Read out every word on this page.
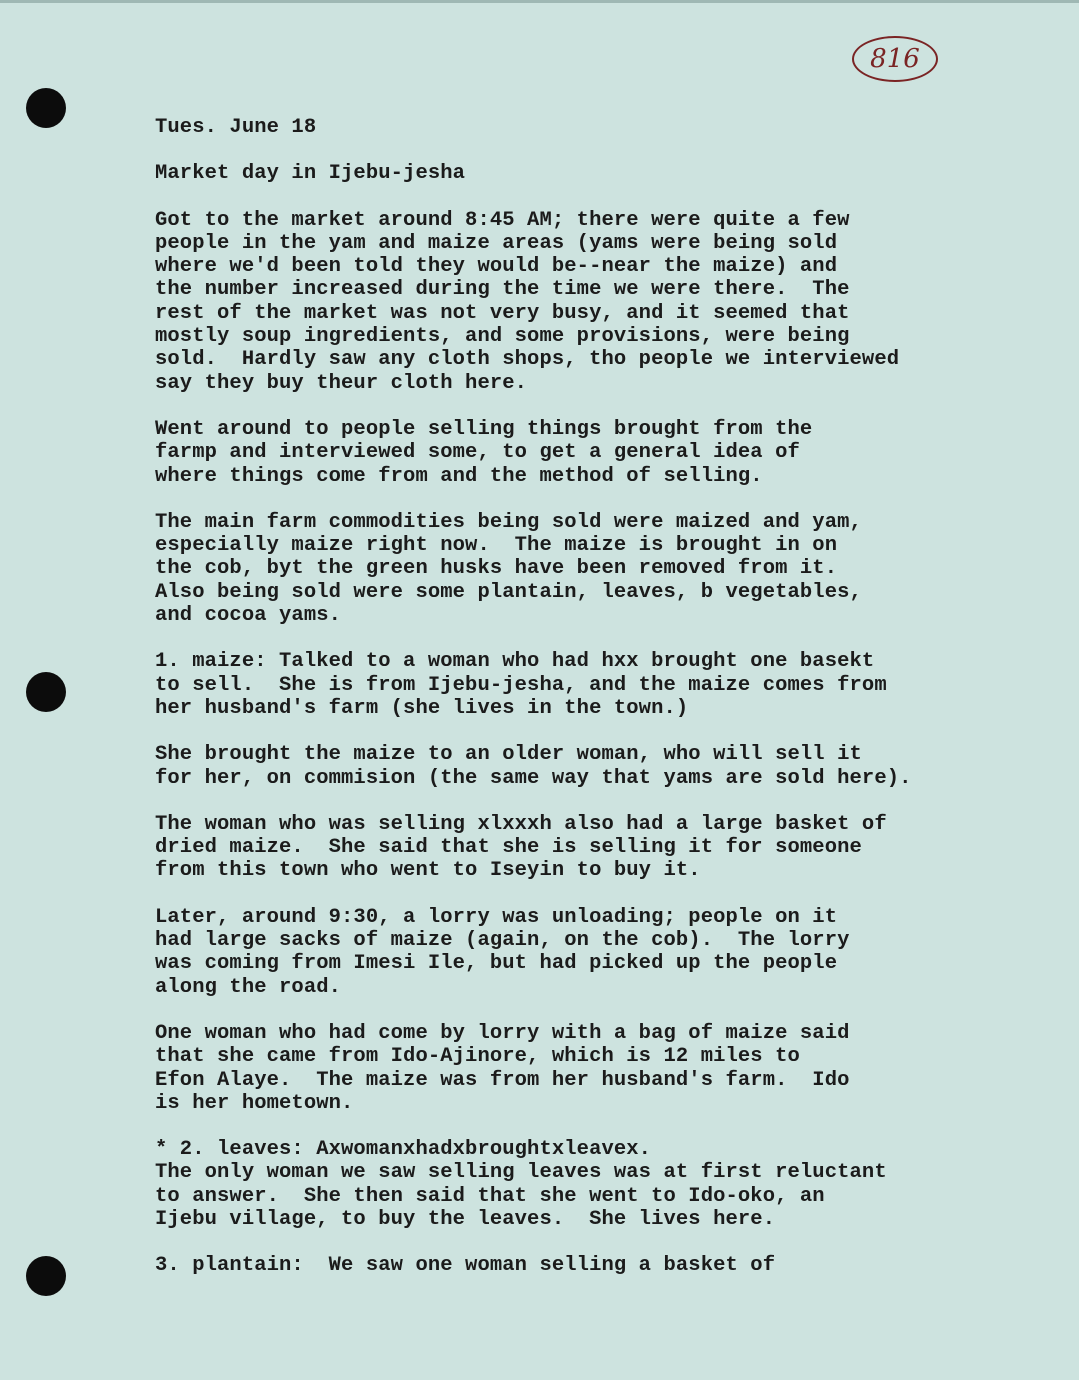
816
Tues. June 18
Market day in Ijebu-jesha
Got to the market around 8:45 AM; there were quite a few
people in the yam and maize areas (yams were being sold
where we'd been told they would be--near the maize) and
the number increased during the time we were there.  The
rest of the market was not very busy, and it seemed that
mostly soup ingredients, and some provisions, were being
sold.  Hardly saw any cloth shops, tho people we interviewed
say they buy theur cloth here.
Went around to people selling things brought from the
farmp and interviewed some, to get a general idea of
where things come from and the method of selling.
The main farm commodities being sold were maized and yam,
especially maize right now.  The maize is brought in on
the cob, byt the green husks have been removed from it.
Also being sold were some plantain, leaves, b vegetables,
and cocoa yams.
1. maize: Talked to a woman who had hxx brought one basekt
to sell.  She is from Ijebu-jesha, and the maize comes from
her husband's farm (she lives in the town.)
She brought the maize to an older woman, who will sell it
for her, on commision (the same way that yams are sold here).
The woman who was selling xlxxxh also had a large basket of
dried maize.  She said that she is selling it for someone
from this town who went to Iseyin to buy it.
Later, around 9:30, a lorry was unloading; people on it
had large sacks of maize (again, on the cob).  The lorry
was coming from Imesi Ile, but had picked up the people
along the road.
One woman who had come by lorry with a bag of maize said
that she came from Ido-Ajinore, which is 12 miles to
Efon Alaye.  The maize was from her husband's farm.  Ido
is her hometown.
* 2. leaves: Axwomanxhadxbroughtxleavex.
The only woman we saw selling leaves was at first reluctant
to answer.  She then said that she went to Ido-oko, an
Ijebu village, to buy the leaves.  She lives here.
3. plantain:  We saw one woman selling a basket of
